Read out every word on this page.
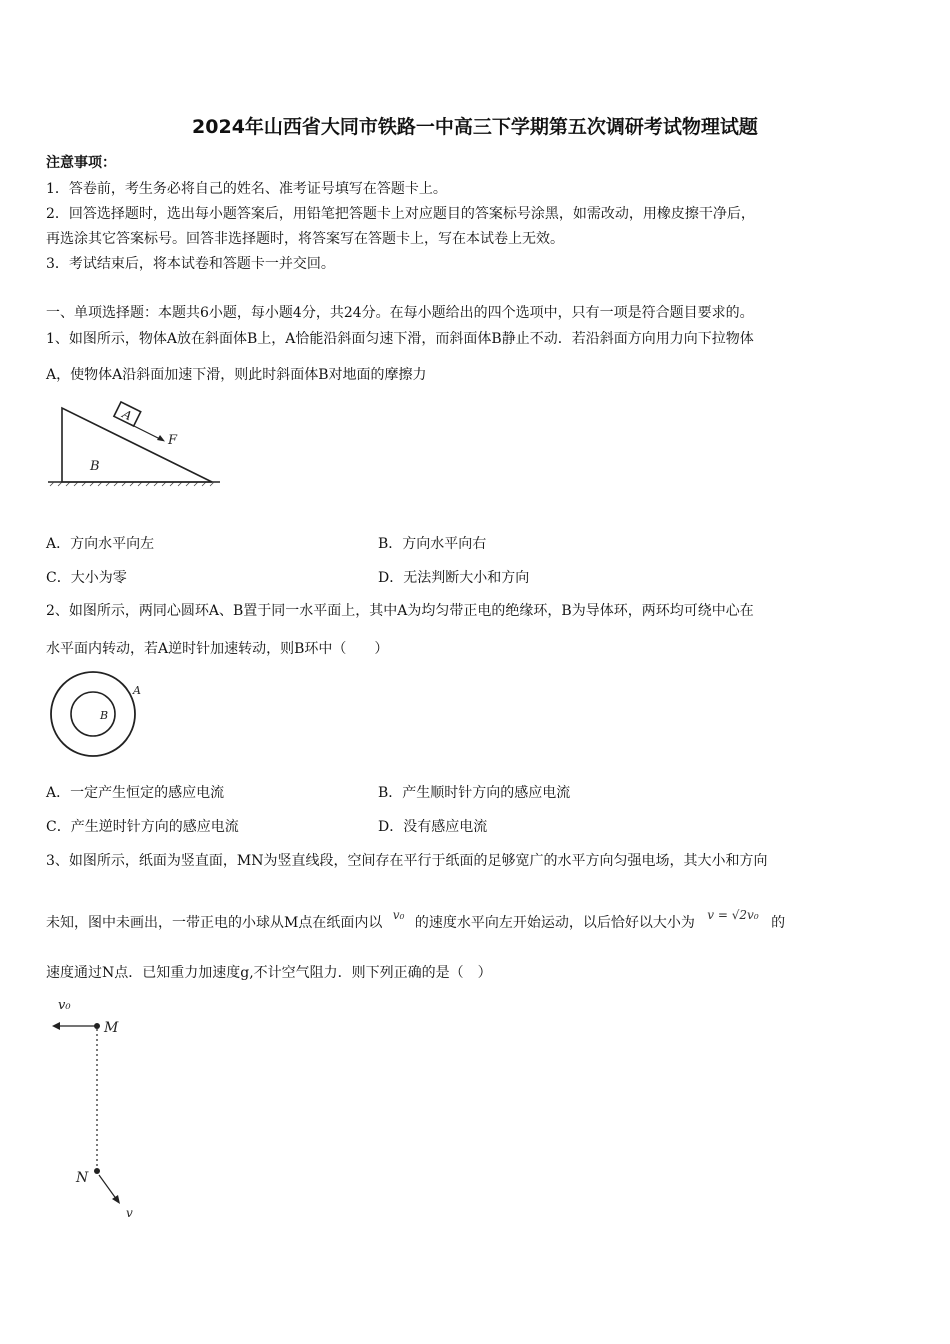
2024年山西省大同市铁路一中高三下学期第五次调研考试物理试题
注意事项：
1．答卷前，考生务必将自己的姓名、准考证号填写在答题卡上。
2．回答选择题时，选出每小题答案后，用铅笔把答题卡上对应题目的答案标号涂黑，如需改动，用橡皮擦干净后，
再选涂其它答案标号。回答非选择题时，将答案写在答题卡上，写在本试卷上无效。
3．考试结束后，将本试卷和答题卡一并交回。
一、单项选择题：本题共6小题，每小题4分，共24分。在每小题给出的四个选项中，只有一项是符合题目要求的。
1、如图所示，物体A放在斜面体B上，A恰能沿斜面匀速下滑，而斜面体B静止不动．若沿斜面方向用力向下拉物体
A，使物体A沿斜面加速下滑，则此时斜面体B对地面的摩擦力
A
F
B
A．方向水平向左	B．方向水平向右
C．大小为零	D．无法判断大小和方向
2、如图所示，两同心圆环A、B置于同一水平面上，其中A为均匀带正电的绝缘环，B为导体环，两环均可绕中心在
水平面内转动，若A逆时针加速转动，则B环中（　　）
A
B
A．一定产生恒定的感应电流	B．产生顺时针方向的感应电流
C．产生逆时针方向的感应电流	D．没有感应电流
3、如图所示，纸面为竖直面，MN为竖直线段，空间存在平行于纸面的足够宽广的水平方向匀强电场，其大小和方向
未知，图中未画出，一带正电的小球从M点在纸面内以 v₀ 的速度水平向左开始运动，以后恰好以大小为 v = √2v₀ 的
速度通过N点．已知重力加速度g,不计空气阻力．则下列正确的是（　）
v₀
M
N
v
